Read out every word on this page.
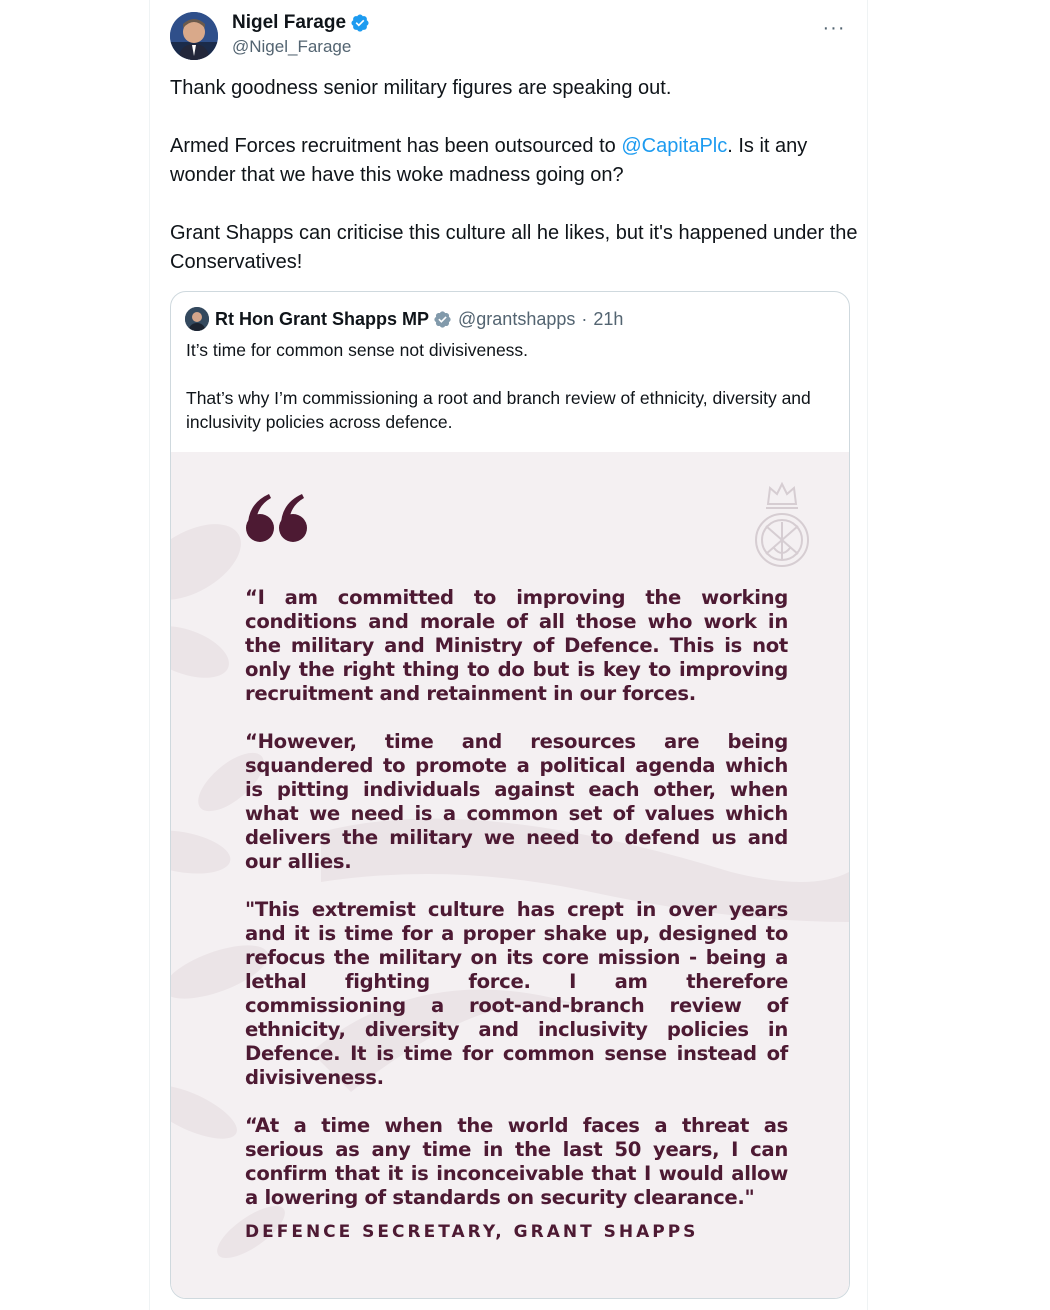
Nigel Farage
@Nigel_Farage
···

Thank goodness senior military figures are speaking out.

Armed Forces recruitment has been outsourced to @CapitaPlc. Is it any wonder that we have this woke madness going on?

Grant Shapps can criticise this culture all he likes, but it's happened under the Conservatives!

Rt Hon Grant Shapps MP @grantshapps · 21h

It’s time for common sense not divisiveness.

That’s why I’m commissioning a root and branch review of ethnicity, diversity and inclusivity policies across defence.

“I am committed to improving the working conditions and morale of all those who work in the military and Ministry of Defence. This is not only the right thing to do but is key to improving recruitment and retainment in our forces.

“However, time and resources are being squandered to promote a political agenda which is pitting individuals against each other, when what we need is a common set of values which delivers the military we need to defend us and our allies.

"This extremist culture has crept in over years and it is time for a proper shake up, designed to refocus the military on its core mission - being a lethal fighting force. I am therefore commissioning a root-and-branch review of ethnicity, diversity and inclusivity policies in Defence. It is time for common sense instead of divisiveness.

“At a time when the world faces a threat as serious as any time in the last 50 years, I can confirm that it is inconceivable that I would allow a lowering of standards on security clearance."

DEFENCE SECRETARY, GRANT SHAPPS
